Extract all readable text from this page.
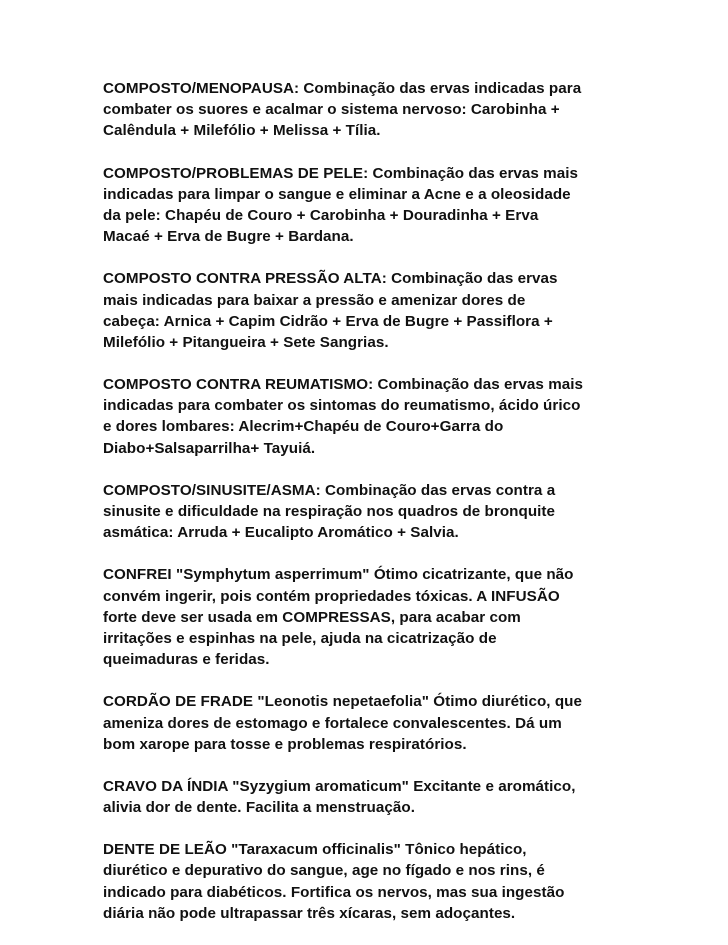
COMPOSTO/MENOPAUSA: Combinação das ervas indicadas para
combater os suores e acalmar o sistema nervoso: Carobinha +
Calêndula + Milefólio + Melissa + Tília.
COMPOSTO/PROBLEMAS DE PELE: Combinação das ervas mais
indicadas para limpar o sangue e eliminar a Acne e a oleosidade
da pele: Chapéu de Couro + Carobinha + Douradinha + Erva
Macaé + Erva de Bugre + Bardana.
COMPOSTO CONTRA PRESSÃO ALTA: Combinação das ervas
mais indicadas para baixar a pressão e amenizar dores de
cabeça: Arnica + Capim Cidrão + Erva de Bugre + Passiflora +
Milefólio + Pitangueira + Sete Sangrias.
COMPOSTO CONTRA REUMATISMO: Combinação das ervas mais
indicadas para combater os sintomas do reumatismo, ácido úrico
e dores lombares: Alecrim+Chapéu de Couro+Garra do
Diabo+Salsaparrilha+ Tayuiá.
COMPOSTO/SINUSITE/ASMA: Combinação das ervas contra a
sinusite e dificuldade na respiração nos quadros de bronquite
asmática: Arruda + Eucalipto Aromático + Salvia.
CONFREI "Symphytum asperrimum" Ótimo cicatrizante, que não
convém ingerir, pois contém propriedades tóxicas. A INFUSÃO
forte deve ser usada em COMPRESSAS, para acabar com
irritações e espinhas na pele, ajuda na cicatrização de
queimaduras e feridas.
CORDÃO DE FRADE "Leonotis nepetaefolia" Ótimo diurético, que
ameniza dores de estomago e fortalece convalescentes. Dá um
bom xarope para tosse e problemas respiratórios.
CRAVO DA ÍNDIA "Syzygium aromaticum" Excitante e aromático,
alivia dor de dente. Facilita a menstruação.
DENTE DE LEÃO "Taraxacum officinalis" Tônico hepático,
diurético e depurativo do sangue, age no fígado e nos rins, é
indicado para diabéticos. Fortifica os nervos, mas sua ingestão
diária não pode ultrapassar três xícaras, sem adoçantes.
